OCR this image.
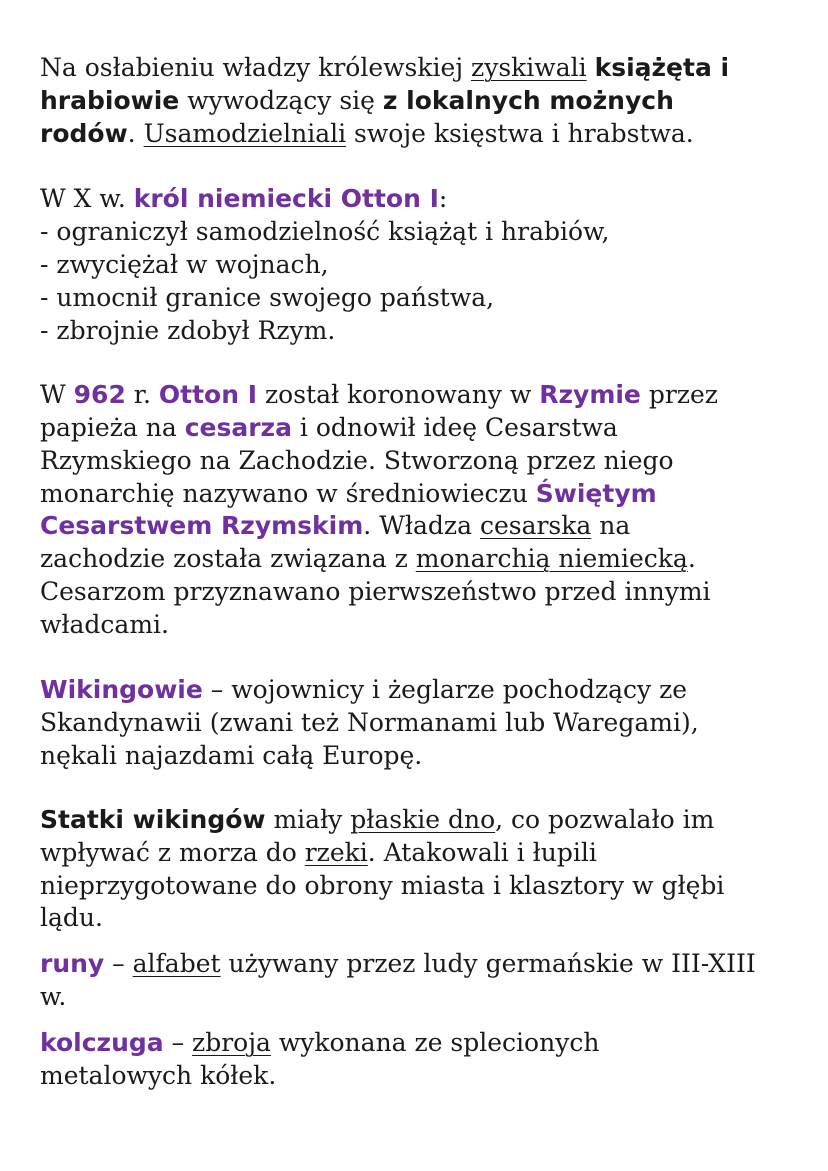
Na osłabieniu władzy królewskiej zyskiwali książęta i
hrabiowie wywodzący się z lokalnych możnych
rodów. Usamodzielniali swoje księstwa i hrabstwa.
W X w. król niemiecki Otton I:
- ograniczył samodzielność książąt i hrabiów,
- zwyciężał w wojnach,
- umocnił granice swojego państwa,
- zbrojnie zdobył Rzym.
W 962 r. Otton I został koronowany w Rzymie przez
papieża na cesarza i odnowił ideę Cesarstwa
Rzymskiego na Zachodzie. Stworzoną przez niego
monarchię nazywano w średniowieczu Świętym
Cesarstwem Rzymskim. Władza cesarska na
zachodzie została związana z monarchią niemiecką.
Cesarzom przyznawano pierwszeństwo przed innymi
władcami.
Wikingowie – wojownicy i żeglarze pochodzący ze
Skandynawii (zwani też Normanami lub Waregami),
nękali najazdami całą Europę.
Statki wikingów miały płaskie dno, co pozwalało im
wpływać z morza do rzeki. Atakowali i łupili
nieprzygotowane do obrony miasta i klasztory w głębi
lądu.
runy – alfabet używany przez ludy germańskie w III-XIII
w.
kolczuga – zbroja wykonana ze splecionych
metalowych kółek.
